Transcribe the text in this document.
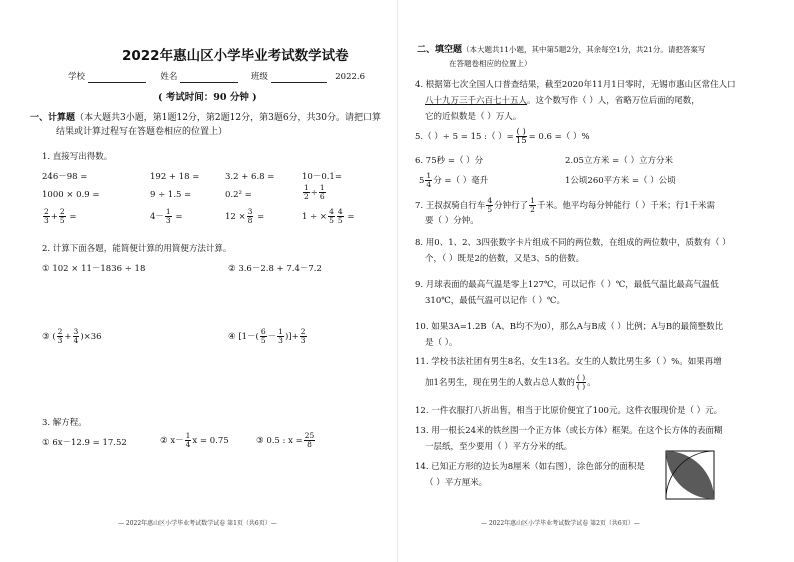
2022年惠山区小学毕业考试数学试卷
学校	姓名	班级	2022.6
( 考试时间：90 分钟 )
一、计算题（本大题共3小题，第1题12分，第2题12分，第3题6分，共30分。请把口算
结果或计算过程写在答题卷相应的位置上）
1. 直接写出得数。
246－98 =	192 + 18 =	3.2 + 6.8 =	10－0.1=
1000 × 0.9 =	9 ÷ 1.5 =	0.2² =	$\frac{1}{2} \div \frac{1}{6}$
$\frac{2}{3} + \frac{2}{5}$ =	$4- \frac{1}{3}$ =	$12 \times \frac{3}{8}$ =	1 ÷ × $\frac{4}{5} \frac{4}{5}$ =
2. 计算下面各题，能简便计算的用简便方法计算。
① 102 × 11－1836 ÷ 18	② 3.6－2.8 + 7.4－7.2
③ ( $\frac{2}{3} + \frac{3}{4} )\times 36$	④ [$1-( \frac{6}{5} - \frac{1}{3}$ )]+ $\frac{2}{3}$
3. 解方程。
① 6x－12.9 = 17.52	② $x- \frac{1}{4}$ x = 0.75	③ 0.5 : $x = \frac{25}{8}$
— 2022年惠山区小学毕业考试数学试卷 第1页（共6页）—
二、填空题（本大题共11小题，其中第5题2分，其余每空1分，共21分。请把答案写
在答题卷相应的位置上）
4. 根据第七次全国人口普查结果，截至2020年11月1日零时，无锡市惠山区常住人口
八十九万三千六百七十五人。这个数写作（ ）人，省略万位后面的尾数，
它的近似数是（ ）万人。
5.（ ）÷ 5 = 15 :（ ）= $\frac{( )}{15} = 0.6$ =（ ）%
6. 75秒 =（ ）分	2.05立方米 =（ ）立方分米
$5 \frac{1}{4}$ 分 =（ ）毫升	1公顷260平方米 =（ ）公顷
7. 王叔叔骑自行车 $\frac{4}{5}$ 分钟行了 $\frac{1}{2}$ 千米。他平均每分钟能行（ ）千米；行1千米需
要（ ）分钟。
8. 用0、1、2、3四张数字卡片组成不同的两位数，在组成的两位数中，质数有（ ）
个，（ ）既是2的倍数，又是3、5的倍数。
9. 月球表面的最高气温是零上127℃，可以记作（ ）℃，最低气温比最高气温低
310℃，最低气温可以记作（ ）℃。
10. 如果3A=1.2B（A、B均不为0），那么A与B成（ ）比例；A与B的最简整数比
是（ ）。
11. 学校书法社团有男生8名，女生13名。女生的人数比男生多（ ）%。如果再增
加1名男生，现在男生的人数占总人数的 $\frac{( )}{( )}$ 。
12. 一件衣服打八折出售，相当于比原价便宜了100元。这件衣服现价是（ ）元。
13. 用一根长24米的铁丝围一个正方体（或长方体）框架。在这个长方体的表面糊
一层纸，至少要用（ ）平方分米的纸。
14. 已知正方形的边长为8厘米（如右图），涂色部分的面积是
（ ）平方厘米。
— 2022年惠山区小学毕业考试数学试卷 第2页（共6页）—
